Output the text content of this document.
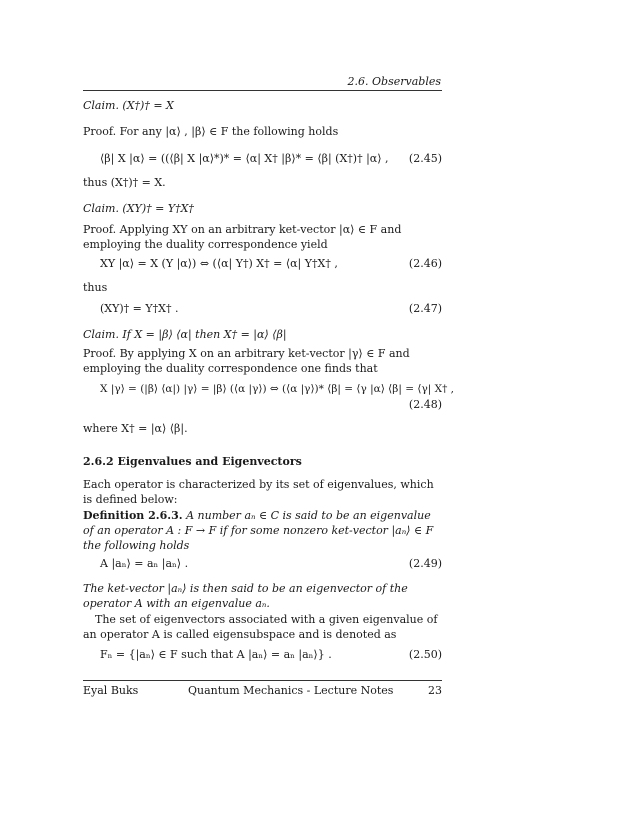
2.6. Observables
Claim. (X†)† = X
Proof. For any |α⟩ , |β⟩ ∈ F the following holds
⟨β| X |α⟩ = ((⟨β| X |α⟩*)* = ⟨α| X† |β⟩* = ⟨β| (X†)† |α⟩ ,	(2.45)
thus (X†)† = X.
Claim. (XY)† = Y†X†
Proof. Applying XY on an arbitrary ket-vector |α⟩ ∈ F and employing the duality correspondence yield
XY |α⟩ = X (Y |α⟩) ⇔ (⟨α| Y†) X† = ⟨α| Y†X† ,	(2.46)
thus
(XY)† = Y†X† .	(2.47)
Claim. If X = |β⟩ ⟨α| then X† = |α⟩ ⟨β|
Proof. By applying X on an arbitrary ket-vector |γ⟩ ∈ F and employing the duality correspondence one finds that
X |γ⟩ = (|β⟩ ⟨α|) |γ⟩ = |β⟩ (⟨α |γ⟩) ⇔ (⟨α |γ⟩)* ⟨β| = ⟨γ |α⟩ ⟨β| = ⟨γ| X† ,
(2.48)
where X† = |α⟩ ⟨β|.
2.6.2 Eigenvalues and Eigenvectors
Each operator is characterized by its set of eigenvalues, which is defined below:
Definition 2.6.3. A number aₙ ∈ C is said to be an eigenvalue of an operator A : F → F if for some nonzero ket-vector |aₙ⟩ ∈ F the following holds
A |aₙ⟩ = aₙ |aₙ⟩ .	(2.49)
The ket-vector |aₙ⟩ is then said to be an eigenvector of the operator A with an eigenvalue aₙ.
The set of eigenvectors associated with a given eigenvalue of an operator A is called eigensubspace and is denoted as
Fₙ = {|aₙ⟩ ∈ F such that A |aₙ⟩ = aₙ |aₙ⟩} .	(2.50)
Eyal Buks	Quantum Mechanics - Lecture Notes	23
